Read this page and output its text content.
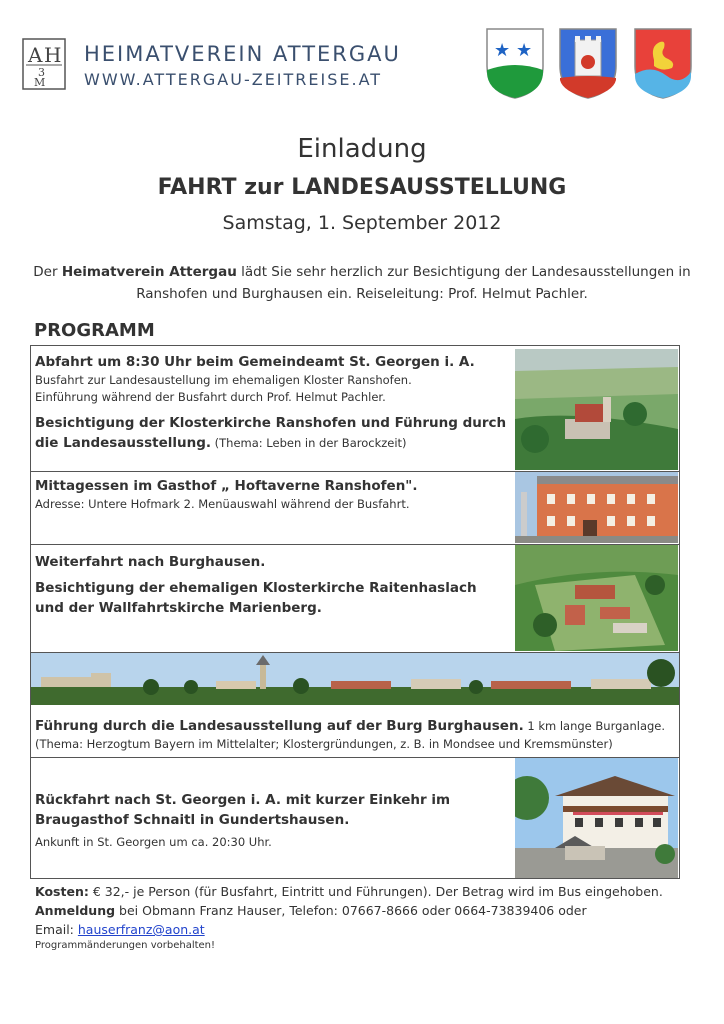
A H
3
M
HEIMATVEREIN ATTERGAU
WWW.ATTERGAU-ZEITREISE.AT
★ ★
Einladung
FAHRT zur LANDESAUSSTELLUNG
Samstag, 1. September 2012
Der Heimatverein Attergau lädt Sie sehr herzlich zur Besichtigung der Landesausstellungen in Ranshofen und Burghausen ein. Reiseleitung: Prof. Helmut Pachler.
PROGRAMM
Abfahrt um 8:30 Uhr beim Gemeindeamt St. Georgen i. A.
Busfahrt zur Landesaustellung im ehemaligen Kloster Ranshofen.
Einführung während der Busfahrt durch Prof. Helmut Pachler.
Besichtigung der Klosterkirche Ranshofen und Führung durch die Landesausstellung. (Thema: Leben in der Barockzeit)
Mittagessen im Gasthof „ Hoftaverne Ranshofen".
Adresse: Untere Hofmark 2. Menüauswahl während der Busfahrt.
Weiterfahrt nach Burghausen.
Besichtigung der ehemaligen Klosterkirche Raitenhaslach und der Wallfahrtskirche Marienberg.
Führung durch die Landesausstellung auf der Burg Burghausen. 1 km lange Burganlage.
(Thema: Herzogtum Bayern im Mittelalter; Klostergründungen, z. B. in Mondsee und Kremsmünster)
Rückfahrt nach St. Georgen i. A. mit kurzer Einkehr im Braugasthof Schnaitl in Gundertshausen.
Ankunft in St. Georgen um ca. 20:30 Uhr.
Kosten: € 32,- je Person (für Busfahrt, Eintritt und Führungen). Der Betrag wird im Bus eingehoben.
Anmeldung bei Obmann Franz Hauser, Telefon: 07667-8666 oder 0664-73839406 oder
Email: hauserfranz@aon.at
Programmänderungen vorbehalten!
